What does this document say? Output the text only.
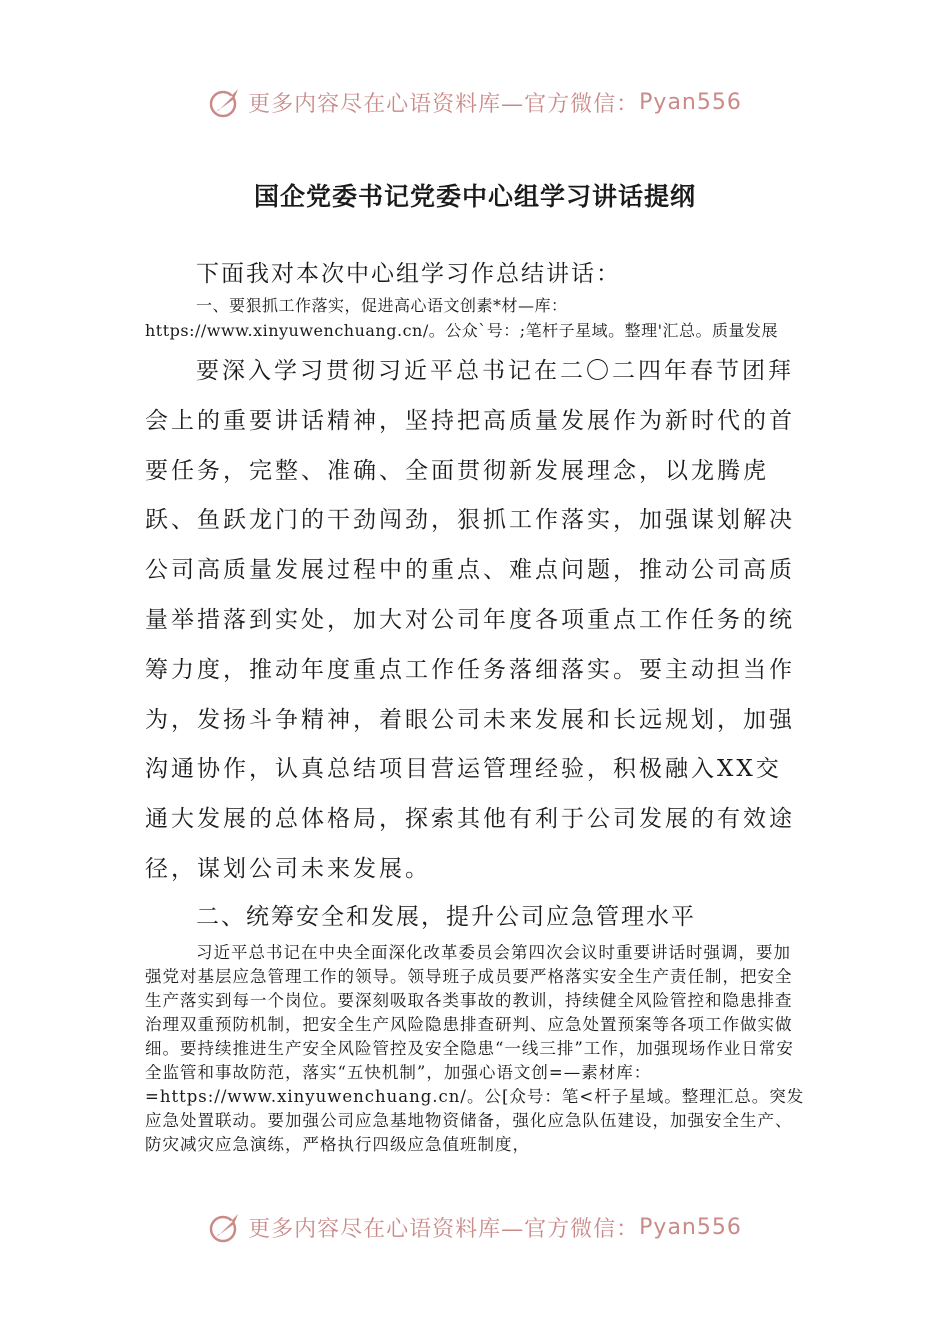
更多内容尽在心语资料库—官方微信： Pyan556
国企党委书记党委中心组学习讲话提纲

下面我对本次中心组学习作总结讲话：

一、要狠抓工作落实，促进高心语文创素*材—库：https://www.xinyuwenchuang.cn/。公众`号：;笔杆子星域。整理'汇总。质量发展

要深入学习贯彻习近平总书记在二〇二四年春节团拜会上的重要讲话精神，坚持把高质量发展作为新时代的首要任务，完整、准确、全面贯彻新发展理念，以龙腾虎跃、鱼跃龙门的干劲闯劲，狠抓工作落实，加强谋划解决公司高质量发展过程中的重点、难点问题，推动公司高质量举措落到实处，加大对公司年度各项重点工作任务的统筹力度，推动年度重点工作任务落细落实。要主动担当作为，发扬斗争精神，着眼公司未来发展和长远规划，加强沟通协作，认真总结项目营运管理经验，积极融入XX交通大发展的总体格局，探索其他有利于公司发展的有效途径，谋划公司未来发展。

二、统筹安全和发展，提升公司应急管理水平

习近平总书记在中央全面深化改革委员会第四次会议时重要讲话时强调，要加强党对基层应急管理工作的领导。领导班子成员要严格落实安全生产责任制，把安全生产落实到每一个岗位。要深刻吸取各类事故的教训，持续健全风险管控和隐患排查治理双重预防机制，把安全生产风险隐患排查研判、应急处置预案等各项工作做实做细。要持续推进生产安全风险管控及安全隐患“一线三排”工作，加强现场作业日常安全监管和事故防范，落实“五快机制”，加强心语文创=—素材库：=https://www.xinyuwenchuang.cn/。公[众号：笔<杆子星域。整理汇总。突发应急处置联动。要加强公司应急基地物资储备，强化应急队伍建设，加强安全生产、防灾减灾应急演练，严格执行四级应急值班制度，

更多内容尽在心语资料库—官方微信： Pyan556
